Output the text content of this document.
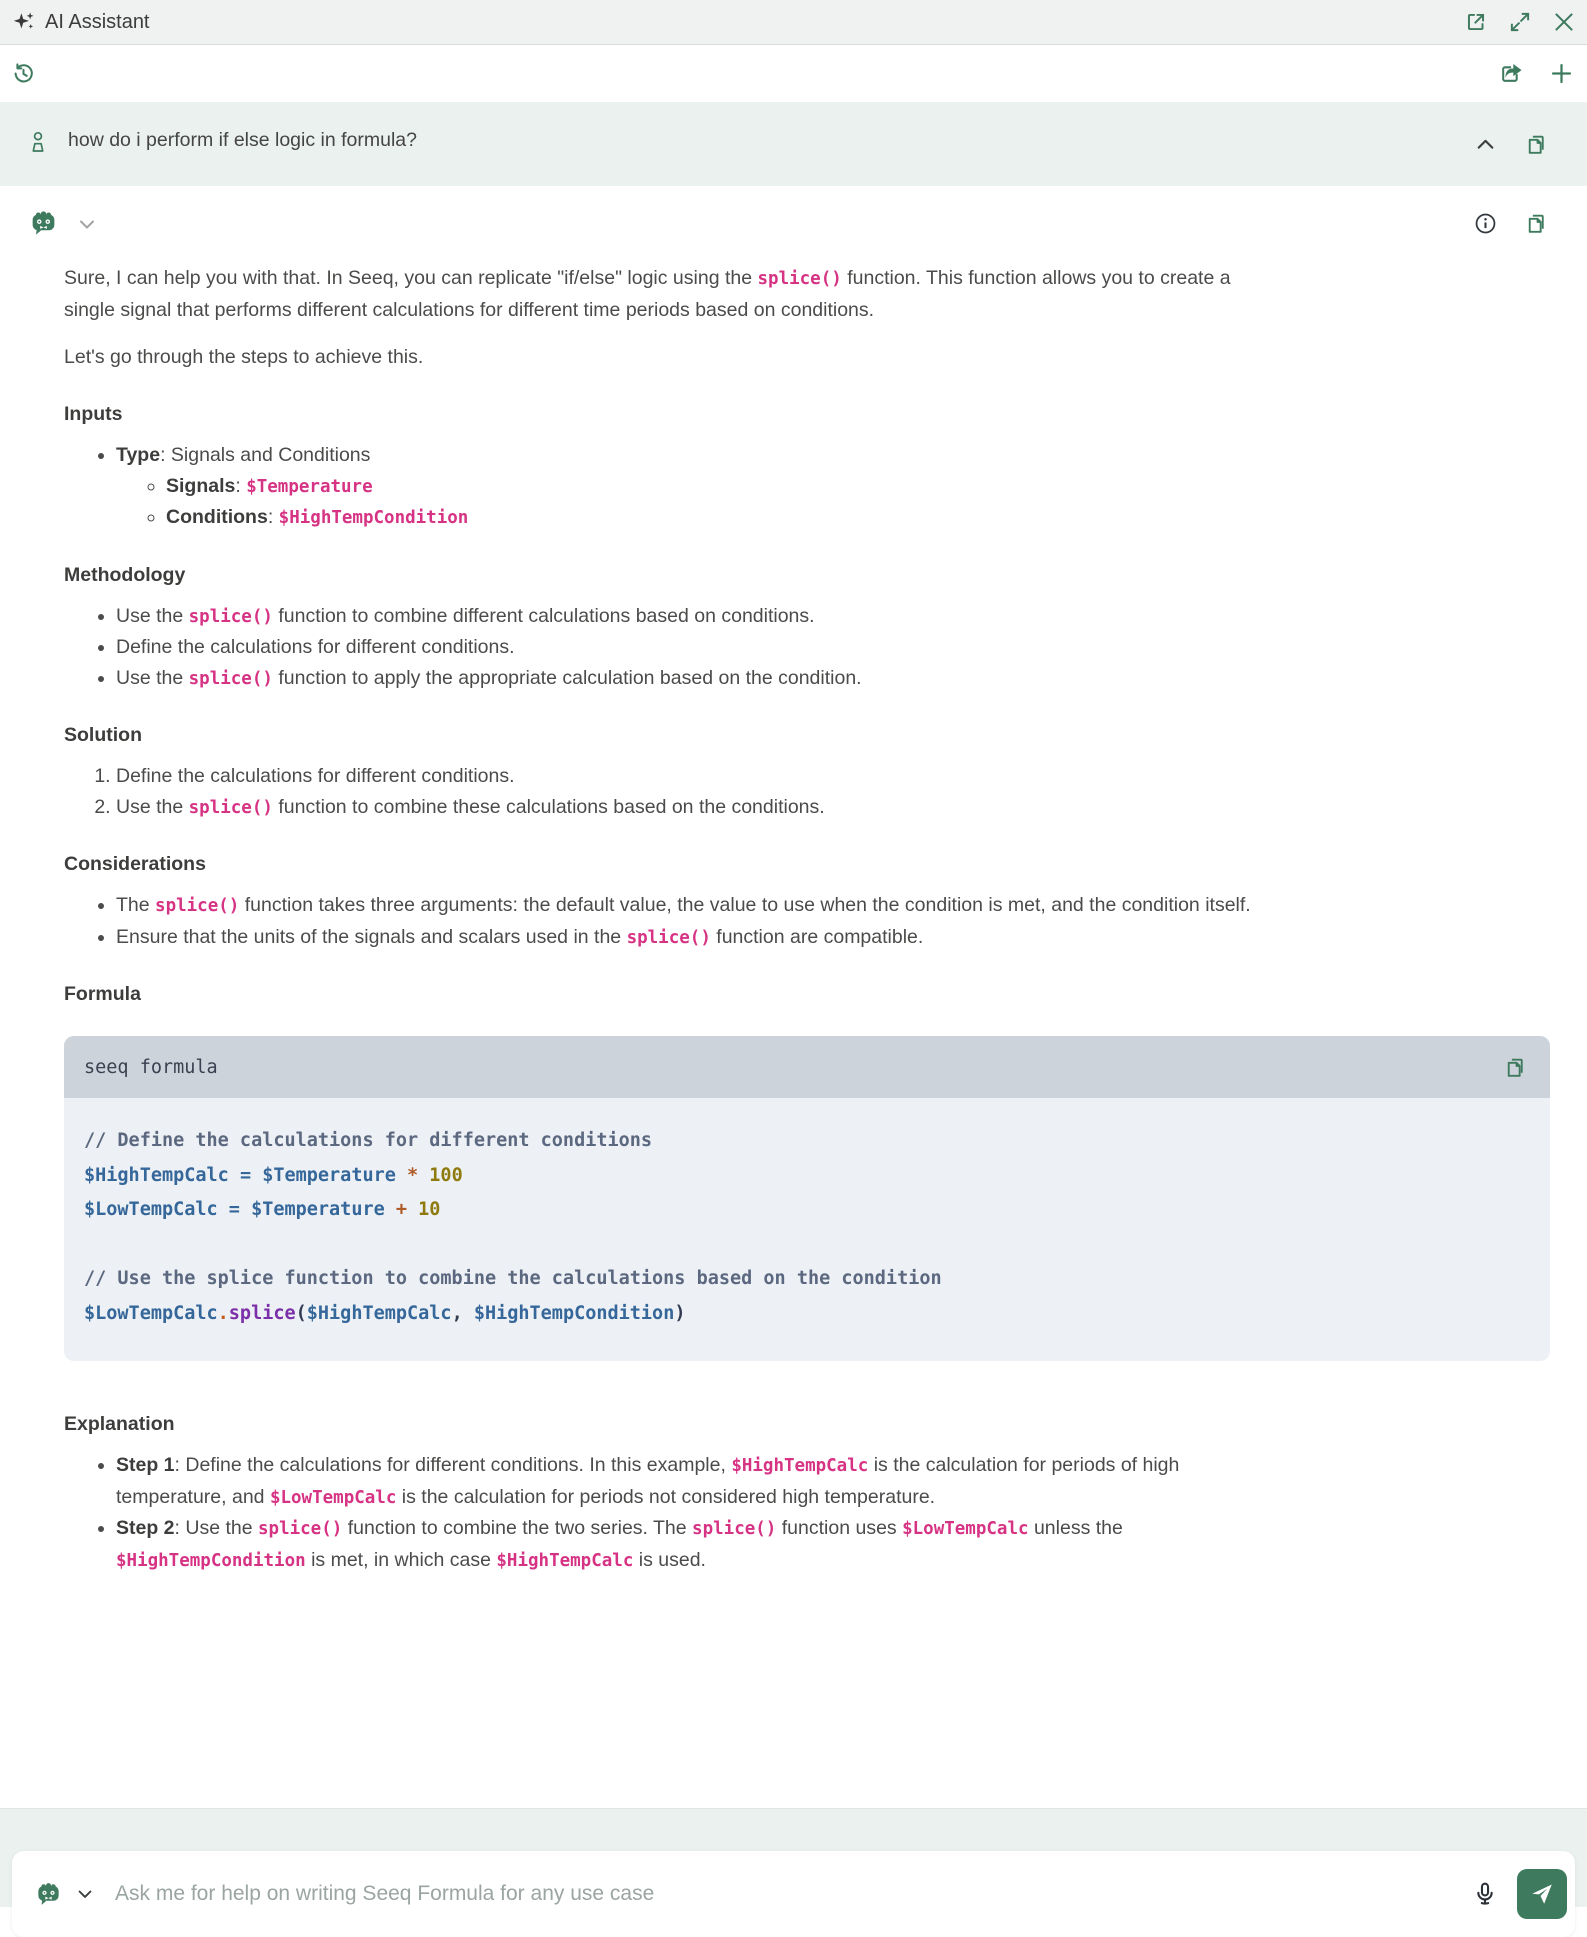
AI Assistant
how do i perform if else logic in formula?

Sure, I can help you with that. In Seeq, you can replicate "if/else" logic using the splice() function. This function allows you to create a single signal that performs different calculations for different time periods based on conditions.

Let's go through the steps to achieve this.

Inputs
• Type: Signals and Conditions
◦ Signals: $Temperature
◦ Conditions: $HighTempCondition
Methodology
• Use the splice() function to combine different calculations based on conditions.
• Define the calculations for different conditions.
• Use the splice() function to apply the appropriate calculation based on the condition.
Solution
1. Define the calculations for different conditions.
2. Use the splice() function to combine these calculations based on the conditions.
Considerations
• The splice() function takes three arguments: the default value, the value to use when the condition is met, and the condition itself.
• Ensure that the units of the signals and scalars used in the splice() function are compatible.
Formula
seeq formula
// Define the calculations for different conditions
$HighTempCalc = $Temperature * 100
$LowTempCalc = $Temperature + 10

// Use the splice function to combine the calculations based on the condition
$LowTempCalc.splice($HighTempCalc, $HighTempCondition)

Explanation
• Step 1: Define the calculations for different conditions. In this example, $HighTempCalc is the calculation for periods of high temperature, and $LowTempCalc is the calculation for periods not considered high temperature.
• Step 2: Use the splice() function to combine the two series. The splice() function uses $LowTempCalc unless the $HighTempCondition is met, in which case $HighTempCalc is used.
Ask me for help on writing Seeq Formula for any use case
